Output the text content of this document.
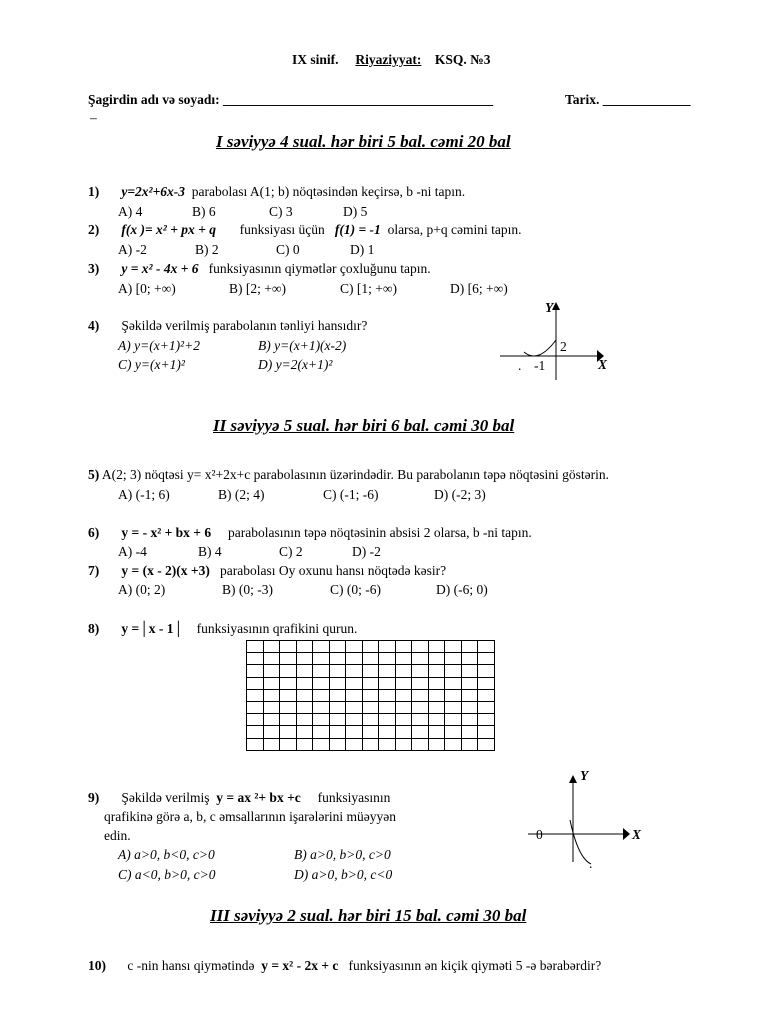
IX sinif. Riyaziyyat: KSQ. №3
Şagirdin adı və soyadı: ________________________________________	Tarix. _____________
–
I səviyyə 4 sual. hər biri 5 bal. cəmi 20 bal
1) y=2x²+6x-3 parabolası A(1; b) nöqtəsindən keçirsə, b -ni tapın.
A) 4	B) 6	C) 3	D) 5
2) f(x )= x² + px + q funksiyası üçün f(1) = -1 olarsa, p+q cəmini tapın.
A) -2	B) 2	C) 0	D) 1
3) y = x² - 4x + 6 funksiyasının qiymətlər çoxluğunu tapın.
A) [0; +∞)	B) [2; +∞)	C) [1; +∞)	D) [6; +∞)
4) Şəkildə verilmiş parabolanın tənliyi hansıdır?
A) y=(x+1)²+2	B) y=(x+1)(x-2)
C) y=(x+1)²	D) y=2(x+1)²
Y
X
2
-1
.
II səviyyə 5 sual. hər biri 6 bal. cəmi 30 bal
5) A(2; 3) nöqtəsi y= x²+2x+c parabolasının üzərindədir. Bu parabolanın təpə nöqtəsini göstərin.
A) (-1; 6)	B) (2; 4)	C) (-1; -6)	D) (-2; 3)
6) y = - x² + bx + 6 parabolasının təpə nöqtəsinin absisi 2 olarsa, b -ni tapın.
A) -4	B) 4	C) 2	D) -2
7) y = (x - 2)(x +3) parabolası Oy oxunu hansı nöqtədə kəsir?
A) (0; 2)	B) (0; -3)	C) (0; -6)	D) (-6; 0)
8) y =│x - 1│ funksiyasının qrafikini qurun.

9) Şəkildə verilmiş y = ax ²+ bx +c funksiyasının
qrafikinə görə a, b, c əmsallarının işarələrini müəyyən
edin.
A) a>0, b<0, c>0	B) a>0, b>0, c>0
C) a<0, b>0, c>0	D) a>0, b>0, c<0
Y
X
0
.
III səviyyə 2 sual. hər biri 15 bal. cəmi 30 bal
10) c -nin hansı qiymətində y = x² - 2x + c funksiyasının ən kiçik qiyməti 5 -ə bərabərdir?
